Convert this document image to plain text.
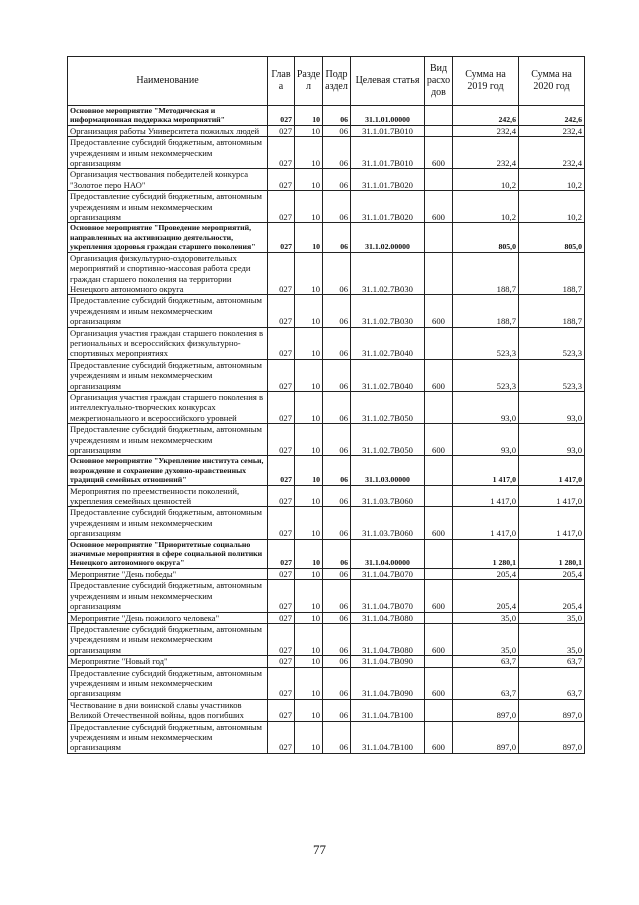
Наименование	Глав а	Разде л	Подр аздел	Целевая статья	Вид расхо дов	Сумма на 2019 год	Сумма на 2020 год
Основное мероприятие "Методическая и информационная поддержка мероприятий"	027	10	06	31.1.01.00000		242,6	242,6
Организация работы Университета пожилых людей	027	10	06	31.1.01.7В010		232,4	232,4
Предоставление субсидий бюджетным, автономным учреждениям и иным некоммерческим организациям	027	10	06	31.1.01.7В010	600	232,4	232,4
Организация чествования победителей конкурса "Золотое перо НАО"	027	10	06	31.1.01.7В020		10,2	10,2
Предоставление субсидий бюджетным, автономным учреждениям и иным некоммерческим организациям	027	10	06	31.1.01.7В020	600	10,2	10,2
Основное мероприятие "Проведение мероприятий, направленных на активизацию деятельности, укрепления здоровья граждан старшего поколения"	027	10	06	31.1.02.00000		805,0	805,0
Организация физкультурно-оздоровительных мероприятий и спортивно-массовая работа среди граждан старшего поколения на территории Ненецкого автономного округа	027	10	06	31.1.02.7В030		188,7	188,7
Предоставление субсидий бюджетным, автономным учреждениям и иным некоммерческим организациям	027	10	06	31.1.02.7В030	600	188,7	188,7
Организация участия граждан старшего поколения в региональных и всероссийских физкультурно-спортивных мероприятиях	027	10	06	31.1.02.7В040		523,3	523,3
Предоставление субсидий бюджетным, автономным учреждениям и иным некоммерческим организациям	027	10	06	31.1.02.7В040	600	523,3	523,3
Организация участия граждан старшего поколения в интеллектуально-творческих конкурсах межрегионального и всероссийского уровней	027	10	06	31.1.02.7В050		93,0	93,0
Предоставление субсидий бюджетным, автономным учреждениям и иным некоммерческим организациям	027	10	06	31.1.02.7В050	600	93,0	93,0
Основное мероприятие "Укрепление института семьи, возрождение и сохранение духовно-нравственных традиций семейных отношений"	027	10	06	31.1.03.00000		1 417,0	1 417,0
Мероприятия по преемственности поколений, укрепления семейных ценностей	027	10	06	31.1.03.7В060		1 417,0	1 417,0
Предоставление субсидий бюджетным, автономным учреждениям и иным некоммерческим организациям	027	10	06	31.1.03.7В060	600	1 417,0	1 417,0
Основное мероприятие "Приоритетные социально значимые мероприятия в сфере социальной политики Ненецкого автономного округа"	027	10	06	31.1.04.00000		1 280,1	1 280,1
Мероприятие "День победы"	027	10	06	31.1.04.7В070		205,4	205,4
Предоставление субсидий бюджетным, автономным учреждениям и иным некоммерческим организациям	027	10	06	31.1.04.7В070	600	205,4	205,4
Мероприятие "День пожилого человека"	027	10	06	31.1.04.7В080		35,0	35,0
Предоставление субсидий бюджетным, автономным учреждениям и иным некоммерческим организациям	027	10	06	31.1.04.7В080	600	35,0	35,0
Мероприятие "Новый год"	027	10	06	31.1.04.7В090		63,7	63,7
Предоставление субсидий бюджетным, автономным учреждениям и иным некоммерческим организациям	027	10	06	31.1.04.7В090	600	63,7	63,7
Чествование в дни воинской славы участников Великой Отечественной войны, вдов погибших	027	10	06	31.1.04.7В100		897,0	897,0
Предоставление субсидий бюджетным, автономным учреждениям и иным некоммерческим организациям	027	10	06	31.1.04.7В100	600	897,0	897,0
77
